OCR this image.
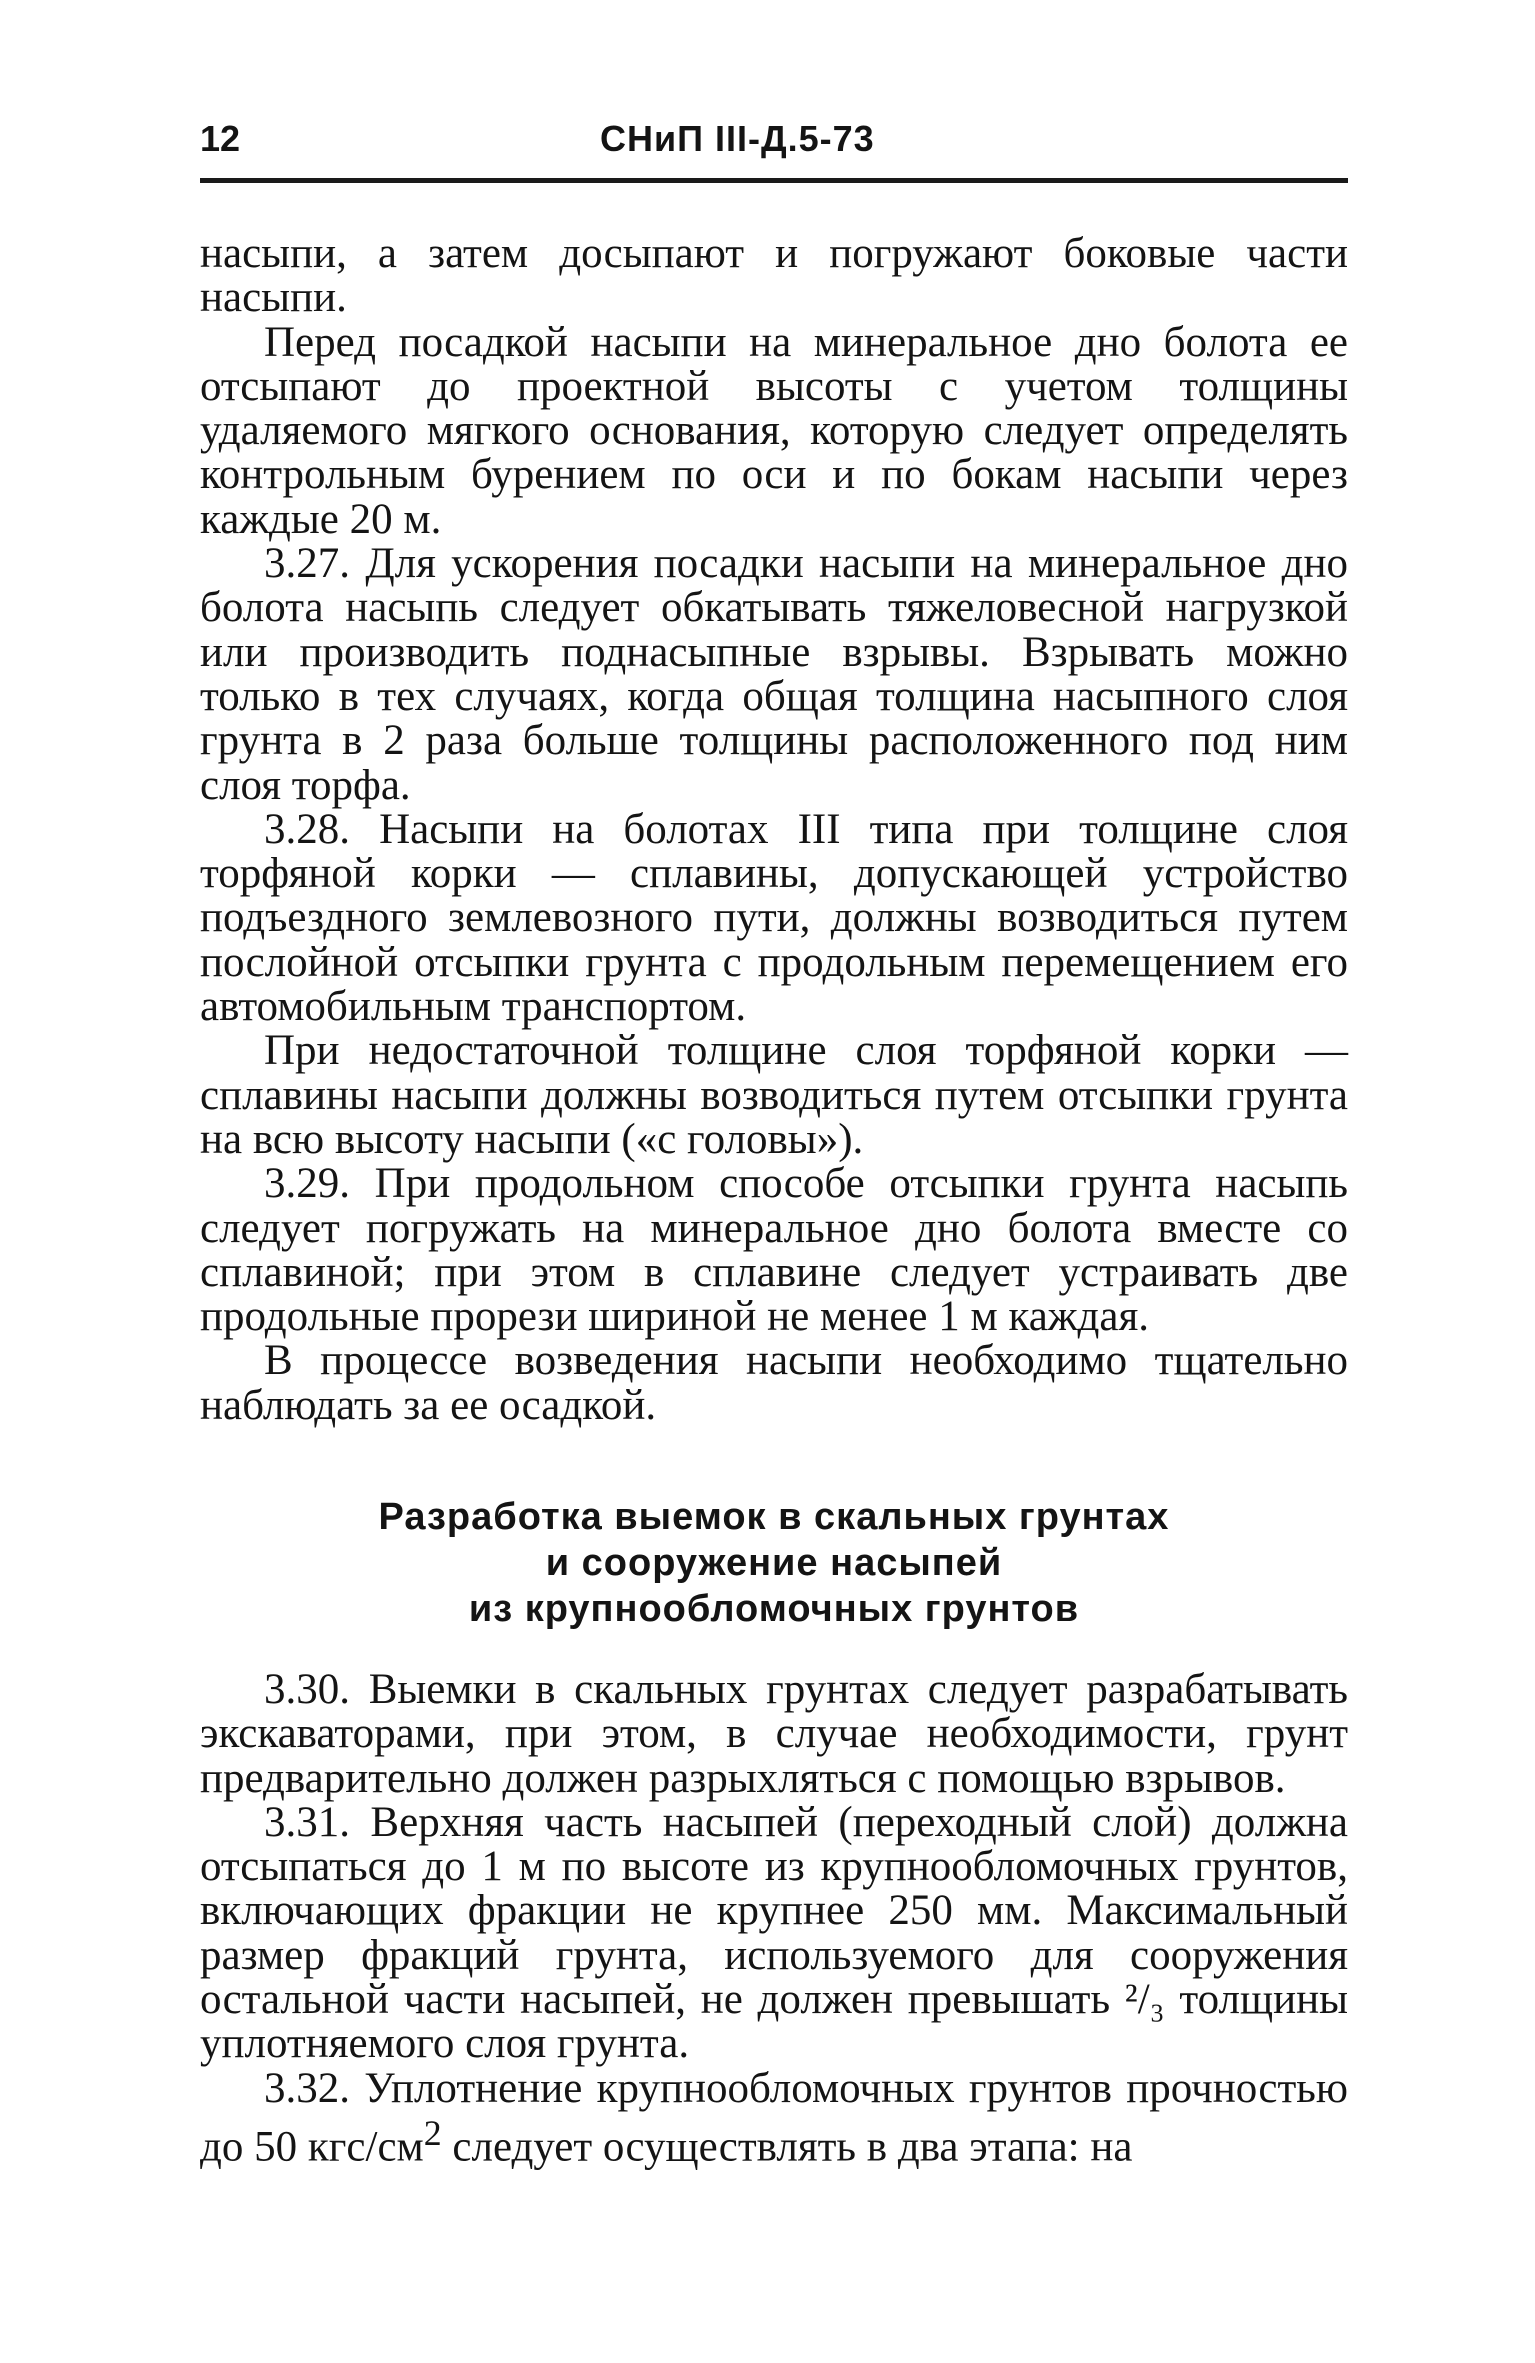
12	СНиП III-Д.5-73

насыпи, а затем досыпают и погружают боковые части насыпи.

Перед посадкой насыпи на минеральное дно болота ее отсыпают до проектной высоты с учетом толщины удаляемого мягкого основания, которую следует определять контрольным бурением по оси и по бокам насыпи через каждые 20 м.

3.27. Для ускорения посадки насыпи на минеральное дно болота насыпь следует обкатывать тяжеловесной нагрузкой или производить поднасыпные взрывы. Взрывать можно только в тех случаях, когда общая толщина насыпного слоя грунта в 2 раза больше толщины расположенного под ним слоя торфа.

3.28. Насыпи на болотах III типа при толщине слоя торфяной корки — сплавины, допускающей устройство подъездного землевозного пути, должны возводиться путем послойной отсыпки грунта с продольным перемещением его автомобильным транспортом.

При недостаточной толщине слоя торфяной корки — сплавины насыпи должны возводиться путем отсыпки грунта на всю высоту насыпи («с головы»).

3.29. При продольном способе отсыпки грунта насыпь следует погружать на минеральное дно болота вместе со сплавиной; при этом в сплавине следует устраивать две продольные прорези шириной не менее 1 м каждая.

В процессе возведения насыпи необходимо тщательно наблюдать за ее осадкой.

Разработка выемок в скальных грунтах
и сооружение насыпей
из крупнообломочных грунтов

3.30. Выемки в скальных грунтах следует разрабатывать экскаваторами, при этом, в случае необходимости, грунт предварительно должен разрыхляться с помощью взрывов.

3.31. Верхняя часть насыпей (переходный слой) должна отсыпаться до 1 м по высоте из крупнообломочных грунтов, включающих фракции не крупнее 250 мм. Максимальный размер фракций грунта, используемого для сооружения остальной части насыпей, не должен превышать ²/₃ толщины уплотняемого слоя грунта.

3.32. Уплотнение крупнообломочных грунтов прочностью до 50 кгс/$см^2$ следует осуществлять в два этапа: на
